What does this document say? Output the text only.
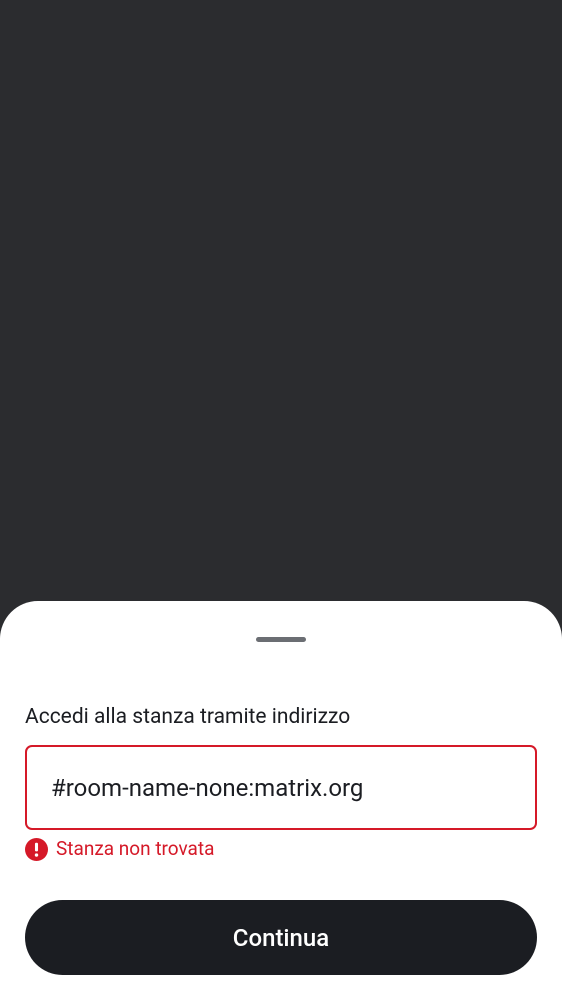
Accedi alla stanza tramite indirizzo
#room-name-none:matrix.org
Stanza non trovata
Continua
